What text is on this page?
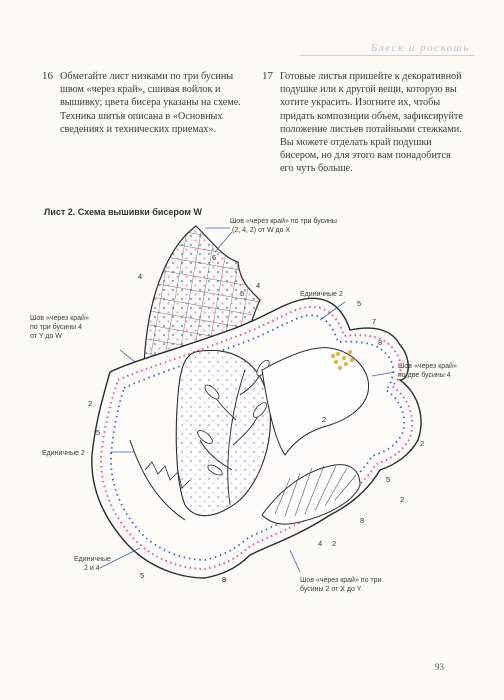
Блеск и роскошь
16 Обметайте лист низками по три бусины швом «через край», сшивая войлок и вышивку; цвета бисера указаны на схеме. Техника шитья описана в «Основных сведениях и технических приемах».

17 Готовые листья пришейте к декоративной подушке или к другой вещи, которую вы хотите украсить. Изогните их, чтобы придать композиции объем, зафиксируйте положение листьев потайными стежками. Вы можете отделать край подушки бисером, но для этого вам понадобится его чуть больше.

Лист 2. Схема вышивки бисером W
Шов «через край» по три бусины
(2, 4, 2) от W до X
Единичные 2
Шов «через край»
по три бусины 4
от Y до W
Шов «через край»
по две бусины 4
Единичные 2
Единичные
2 и 4
Шов «через край» по три
бусины 2 от X до Y
6
4
4
5
7
8
2
2
2
5
5
8
4 2
5	8
5
2
93
